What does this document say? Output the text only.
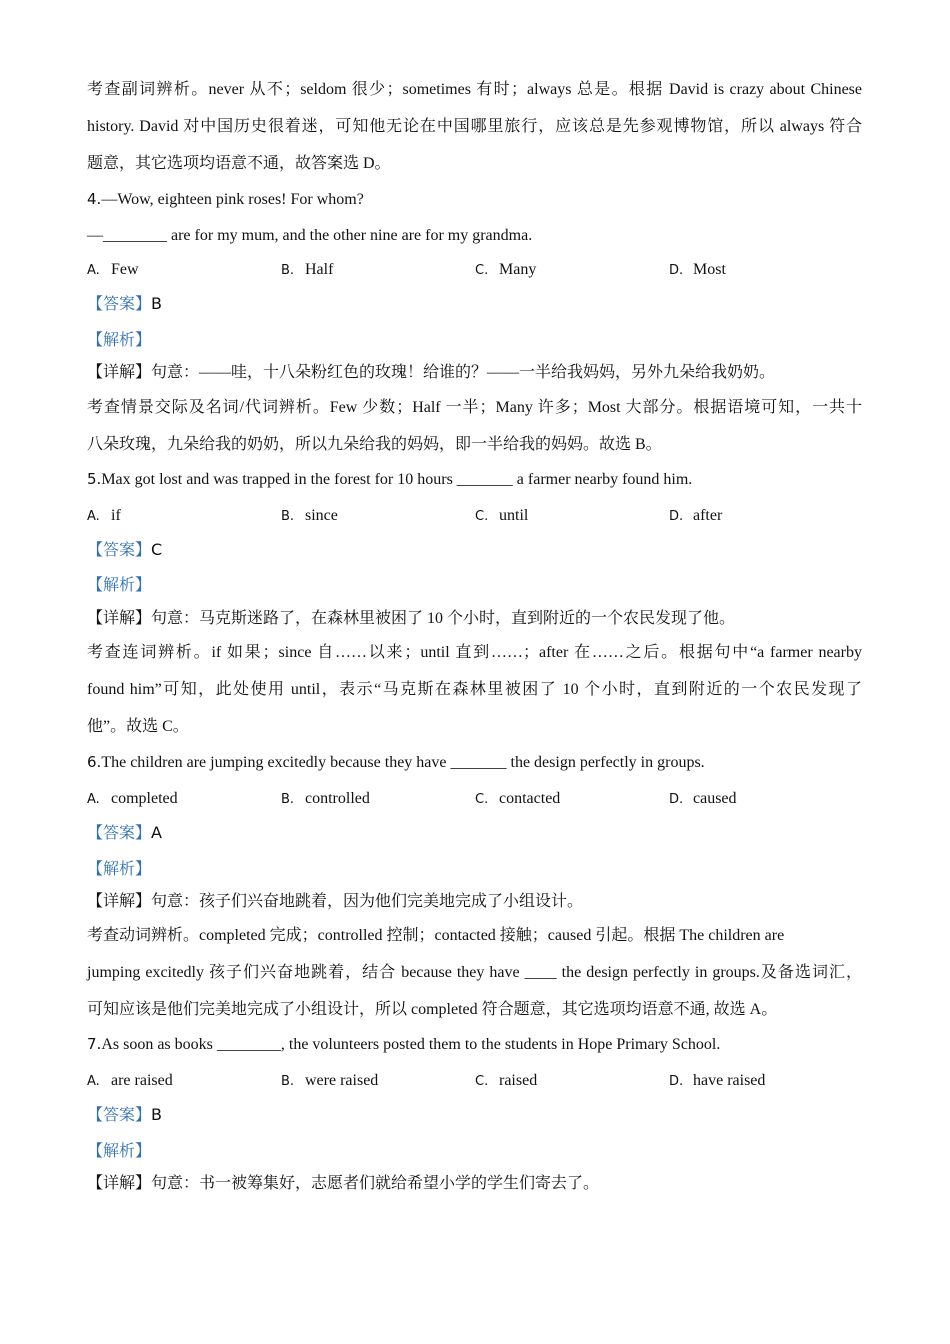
考查副词辨析。never 从不；seldom 很少；sometimes 有时；always 总是。根据 David is crazy about Chinese
history. David 对中国历史很着迷，可知他无论在中国哪里旅行，应该总是先参观博物馆，所以 always 符合
题意，其它选项均语意不通，故答案选 D。
4.—Wow, eighteen pink roses! For whom?
—________ are for my mum, and the other nine are for my grandma.
A. Few	B. Half	C. Many	D. Most
【答案】B
【解析】
【详解】句意：——哇，十八朵粉红色的玫瑰！给谁的？——一半给我妈妈，另外九朵给我奶奶。
考查情景交际及名词/代词辨析。Few 少数；Half 一半；Many 许多；Most 大部分。根据语境可知，一共十
八朵玫瑰，九朵给我的奶奶，所以九朵给我的妈妈，即一半给我的妈妈。故选 B。
5.Max got lost and was trapped in the forest for 10 hours _______ a farmer nearby found him.
A. if	B. since	C. until	D. after
【答案】C
【解析】
【详解】句意：马克斯迷路了，在森林里被困了 10 个小时，直到附近的一个农民发现了他。
考查连词辨析。if 如果；since 自……以来；until 直到……；after 在……之后。根据句中“a farmer nearby
found him”可知，此处使用 until，表示“马克斯在森林里被困了 10 个小时，直到附近的一个农民发现了
他”。故选 C。
6.The children are jumping excitedly because they have _______ the design perfectly in groups.
A. completed	B. controlled	C. contacted	D. caused
【答案】A
【解析】
【详解】句意：孩子们兴奋地跳着，因为他们完美地完成了小组设计。
考查动词辨析。completed 完成；controlled 控制；contacted 接触；caused 引起。根据 The children are
jumping excitedly 孩子们兴奋地跳着，结合 because they have ____ the design perfectly in groups.及备选词汇，
可知应该是他们完美地完成了小组设计，所以 completed 符合题意，其它选项均语意不通, 故选 A。
7.As soon as books ________, the volunteers posted them to the students in Hope Primary School.
A. are raised	B. were raised	C. raised	D. have raised
【答案】B
【解析】
【详解】句意：书一被筹集好，志愿者们就给希望小学的学生们寄去了。
